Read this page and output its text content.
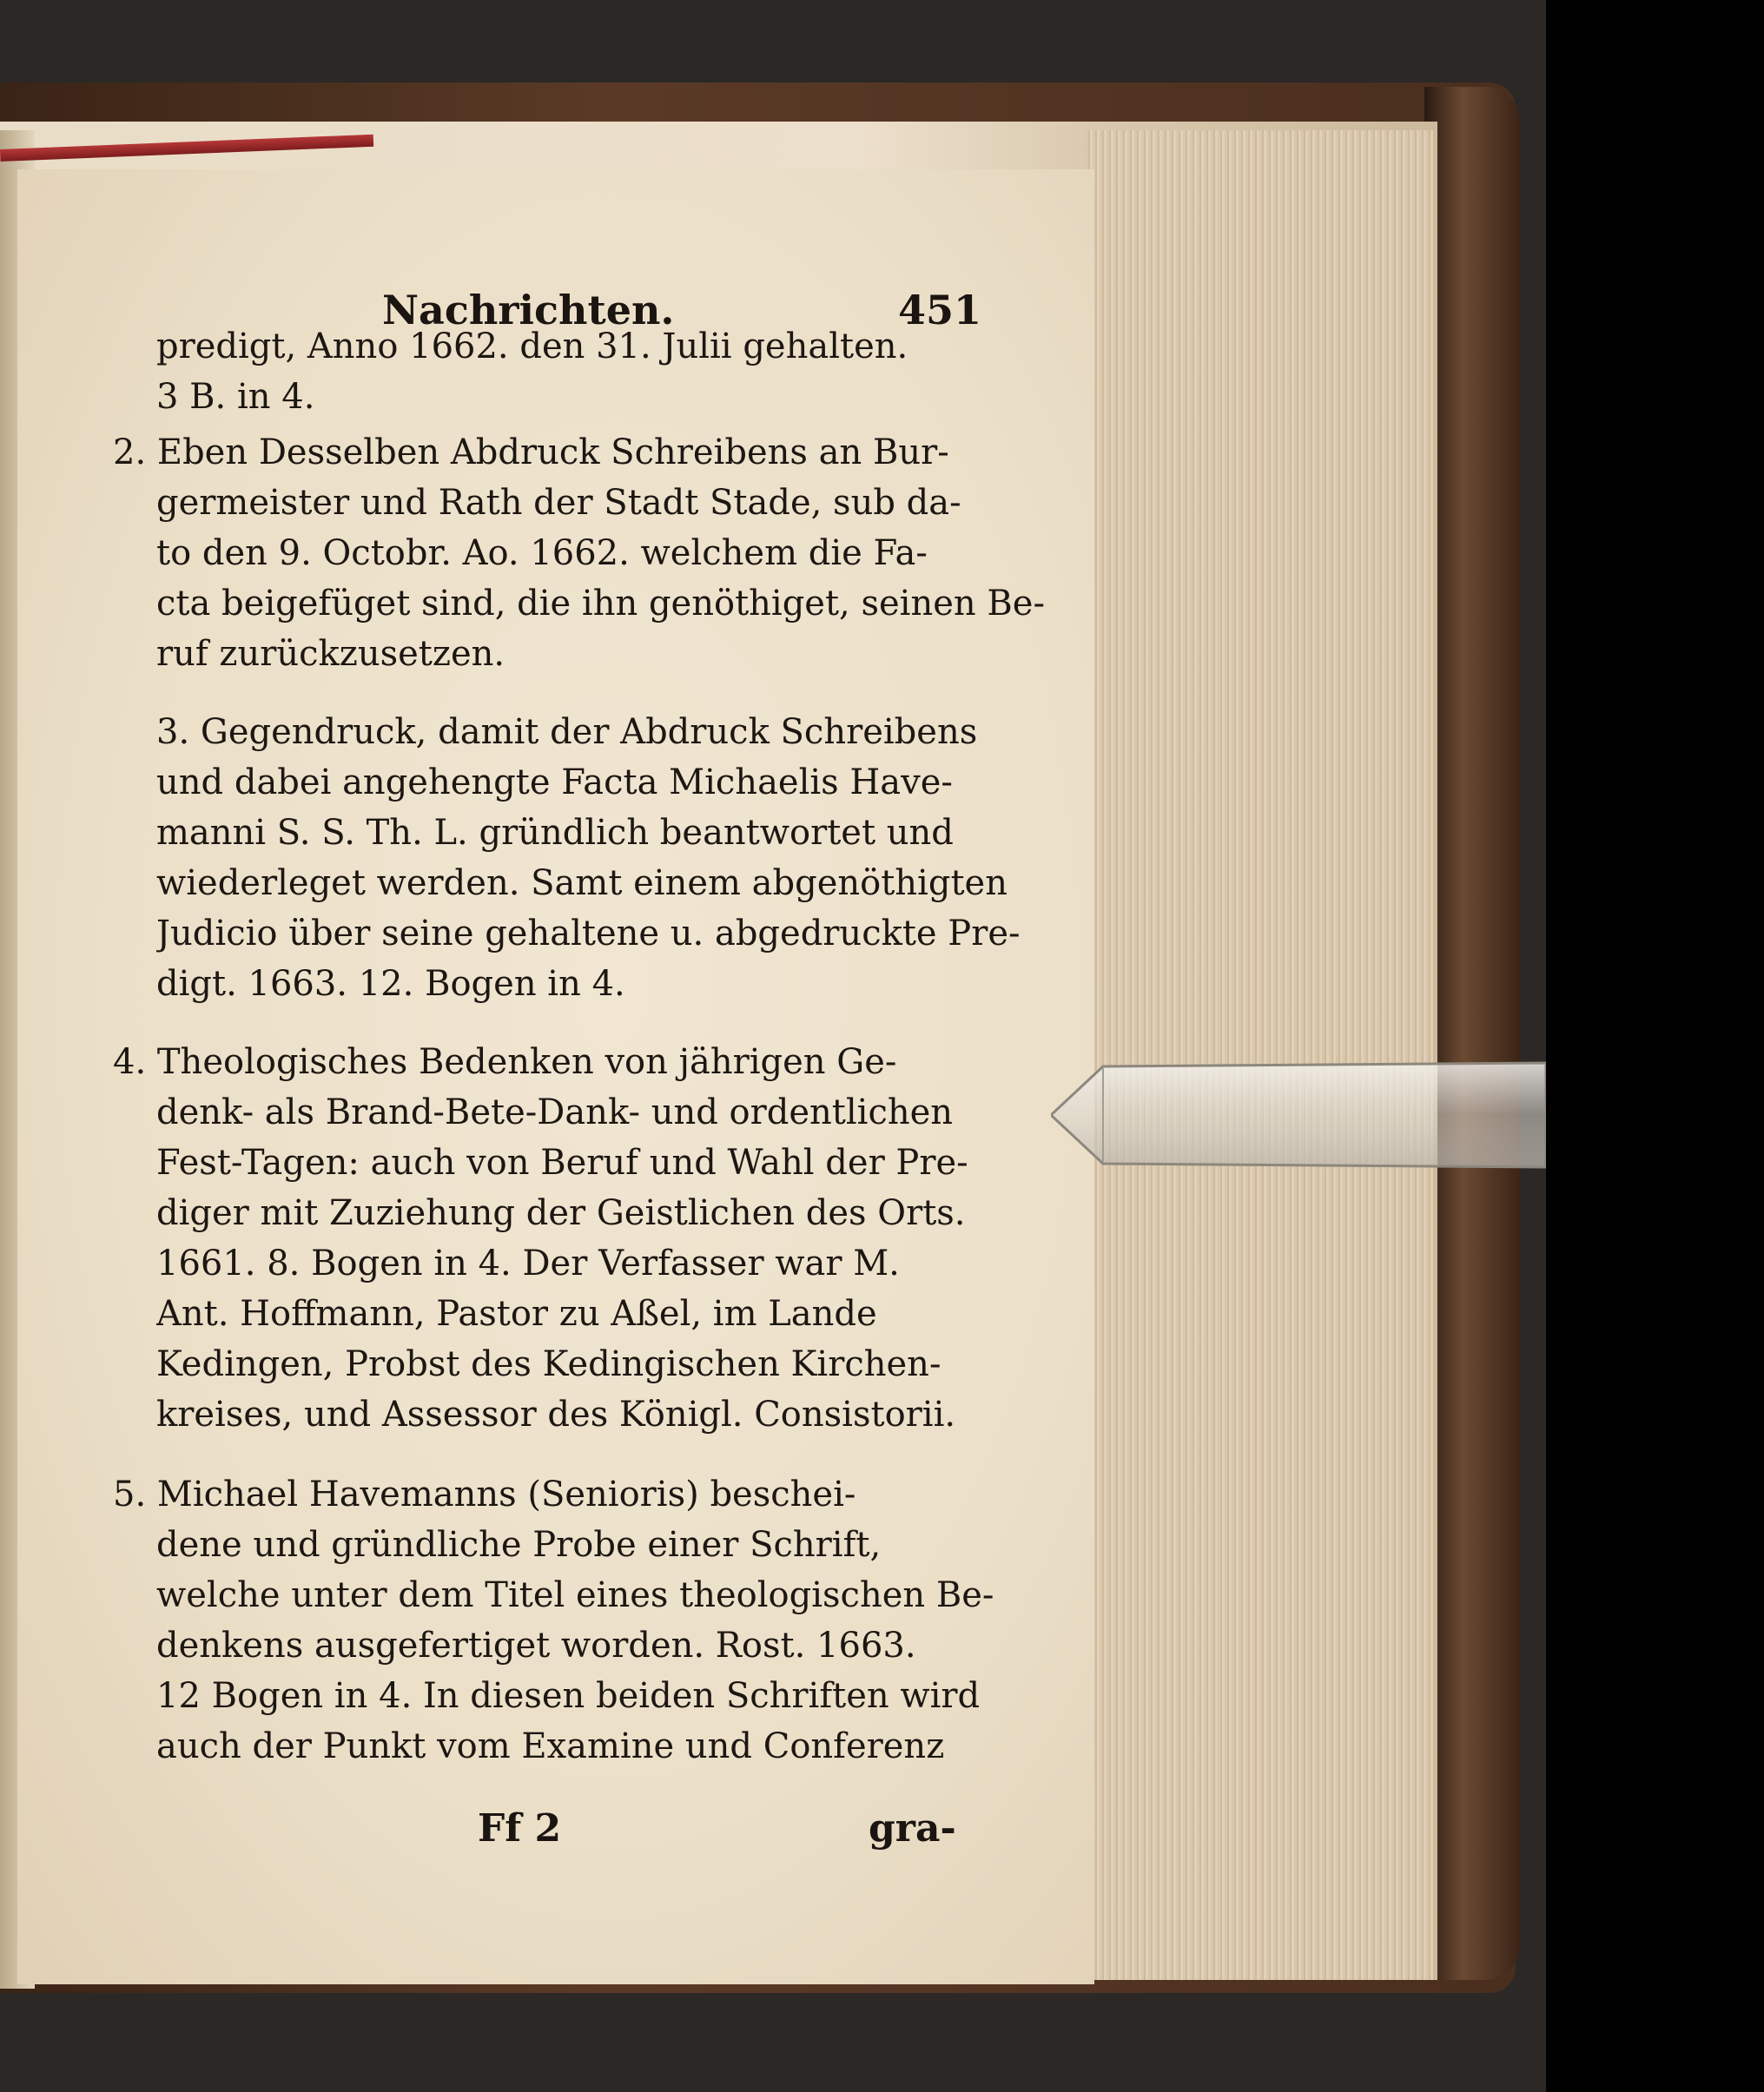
Nachrichten.	451
predigt, Anno 1662. den 31. Julii gehalten.
3 B. in 4.
2. Eben Desselben Abdruck Schreibens an Bur-
germeister und Rath der Stadt Stade, sub da-
to den 9. Octobr. Ao. 1662. welchem die Fa-
cta beigefüget sind, die ihn genöthiget, seinen Be-
ruf zurückzusetzen.
3. Gegendruck, damit der Abdruck Schreibens
und dabei angehengte Facta Michaelis Have-
manni S. S. Th. L. gründlich beantwortet und
wiederleget werden. Samt einem abgenöthigten
Judicio über seine gehaltene u. abgedruckte Pre-
digt. 1663. 12. Bogen in 4.
4. Theologisches Bedenken von jährigen Ge-
denk- als Brand-Bete-Dank- und ordentlichen
Fest-Tagen: auch von Beruf und Wahl der Pre-
diger mit Zuziehung der Geistlichen des Orts.
1661. 8. Bogen in 4. Der Verfasser war M.
Ant. Hoffmann, Pastor zu Aßel, im Lande
Kedingen, Probst des Kedingischen Kirchen-
kreises, und Assessor des Königl. Consistorii.
5. Michael Havemanns (Senioris) beschei-
dene und gründliche Probe einer Schrift,
welche unter dem Titel eines theologischen Be-
denkens ausgefertiget worden. Rost. 1663.
12 Bogen in 4. In diesen beiden Schriften wird
auch der Punkt vom Examine und Conferenz
Ff 2	gra-
